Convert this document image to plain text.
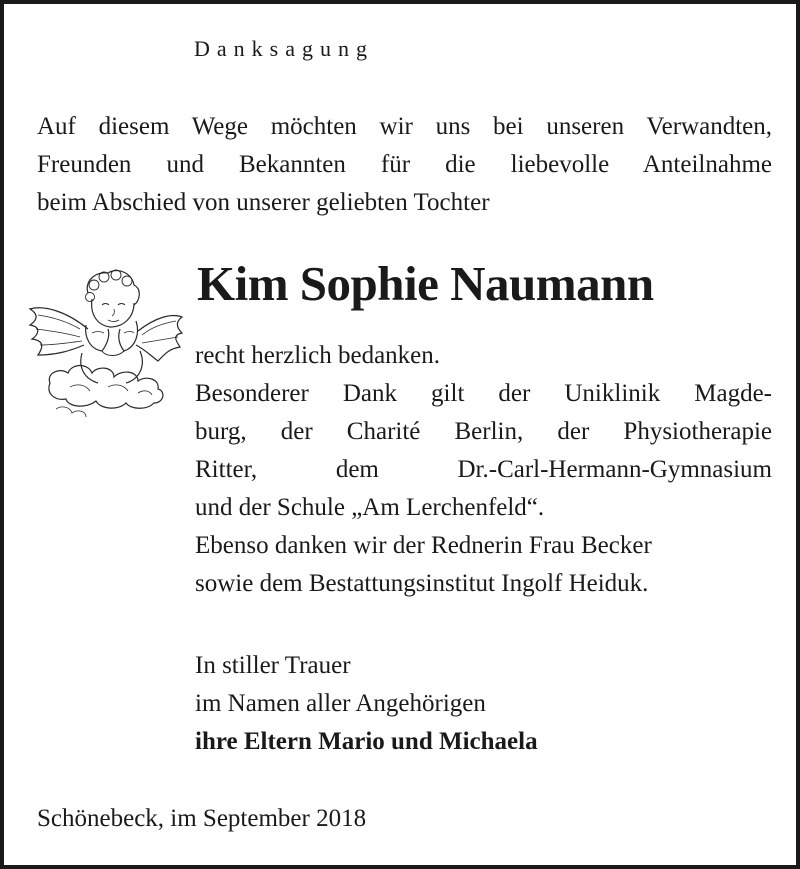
Danksagung
Auf diesem Wege möchten wir uns bei unseren Verwandten,
Freunden und Bekannten für die liebevolle Anteilnahme
beim Abschied von unserer geliebten Tochter
Kim Sophie Naumann
recht herzlich bedanken.
Besonderer Dank gilt der Uniklinik Magde-
burg, der Charité Berlin, der Physiotherapie
Ritter, dem Dr.-Carl-Hermann-Gymnasium
und der Schule „Am Lerchenfeld“.
Ebenso danken wir der Rednerin Frau Becker
sowie dem Bestattungsinstitut Ingolf Heiduk.
In stiller Trauer
im Namen aller Angehörigen
ihre Eltern Mario und Michaela
Schönebeck, im September 2018
